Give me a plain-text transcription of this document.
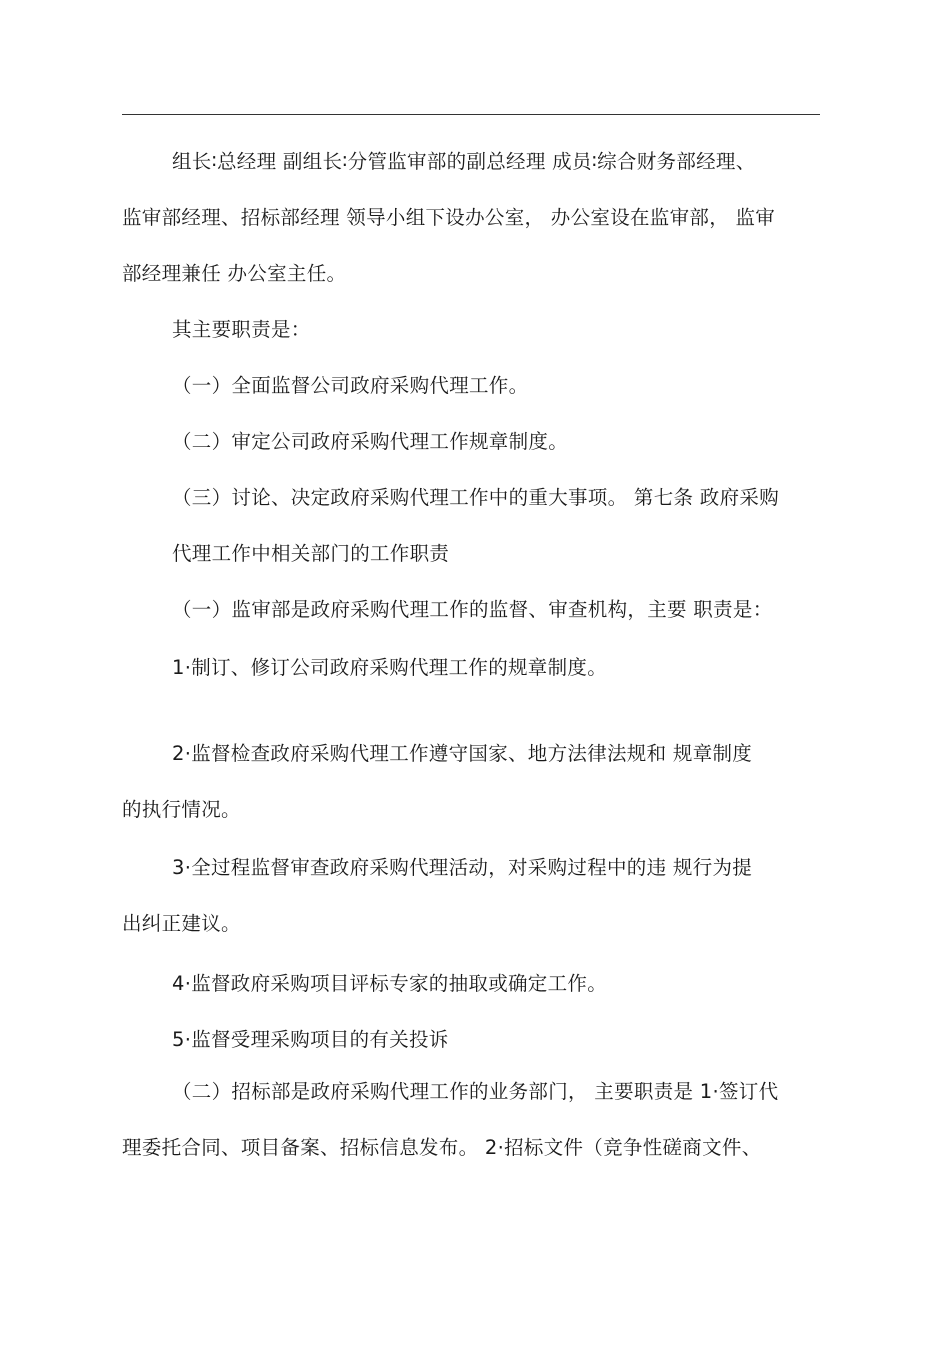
组长∶总经理 副组长∶分管监审部的副总经理 成员∶综合财务部经理、
监审部经理、招标部经理 领导小组下设办公室， 办公室设在监审部， 监审
部经理兼任 办公室主任。
其主要职责是：
（一）全面监督公司政府采购代理工作。
（二）审定公司政府采购代理工作规章制度。
（三）讨论、决定政府采购代理工作中的重大事项。 第七条 政府采购
代理工作中相关部门的工作职责
（一）监审部是政府采购代理工作的监督、审查机构，主要 职责是：
1·制订、修订公司政府采购代理工作的规章制度。
2·监督检查政府采购代理工作遵守国家、地方法律法规和 规章制度
的执行情况。
3·全过程监督审查政府采购代理活动，对采购过程中的违 规行为提
出纠正建议。
4·监督政府采购项目评标专家的抽取或确定工作。
5·监督受理采购项目的有关投诉
（二）招标部是政府采购代理工作的业务部门， 主要职责是 1·签订代
理委托合同、项目备案、招标信息发布。 2·招标文件（竞争性磋商文件、
